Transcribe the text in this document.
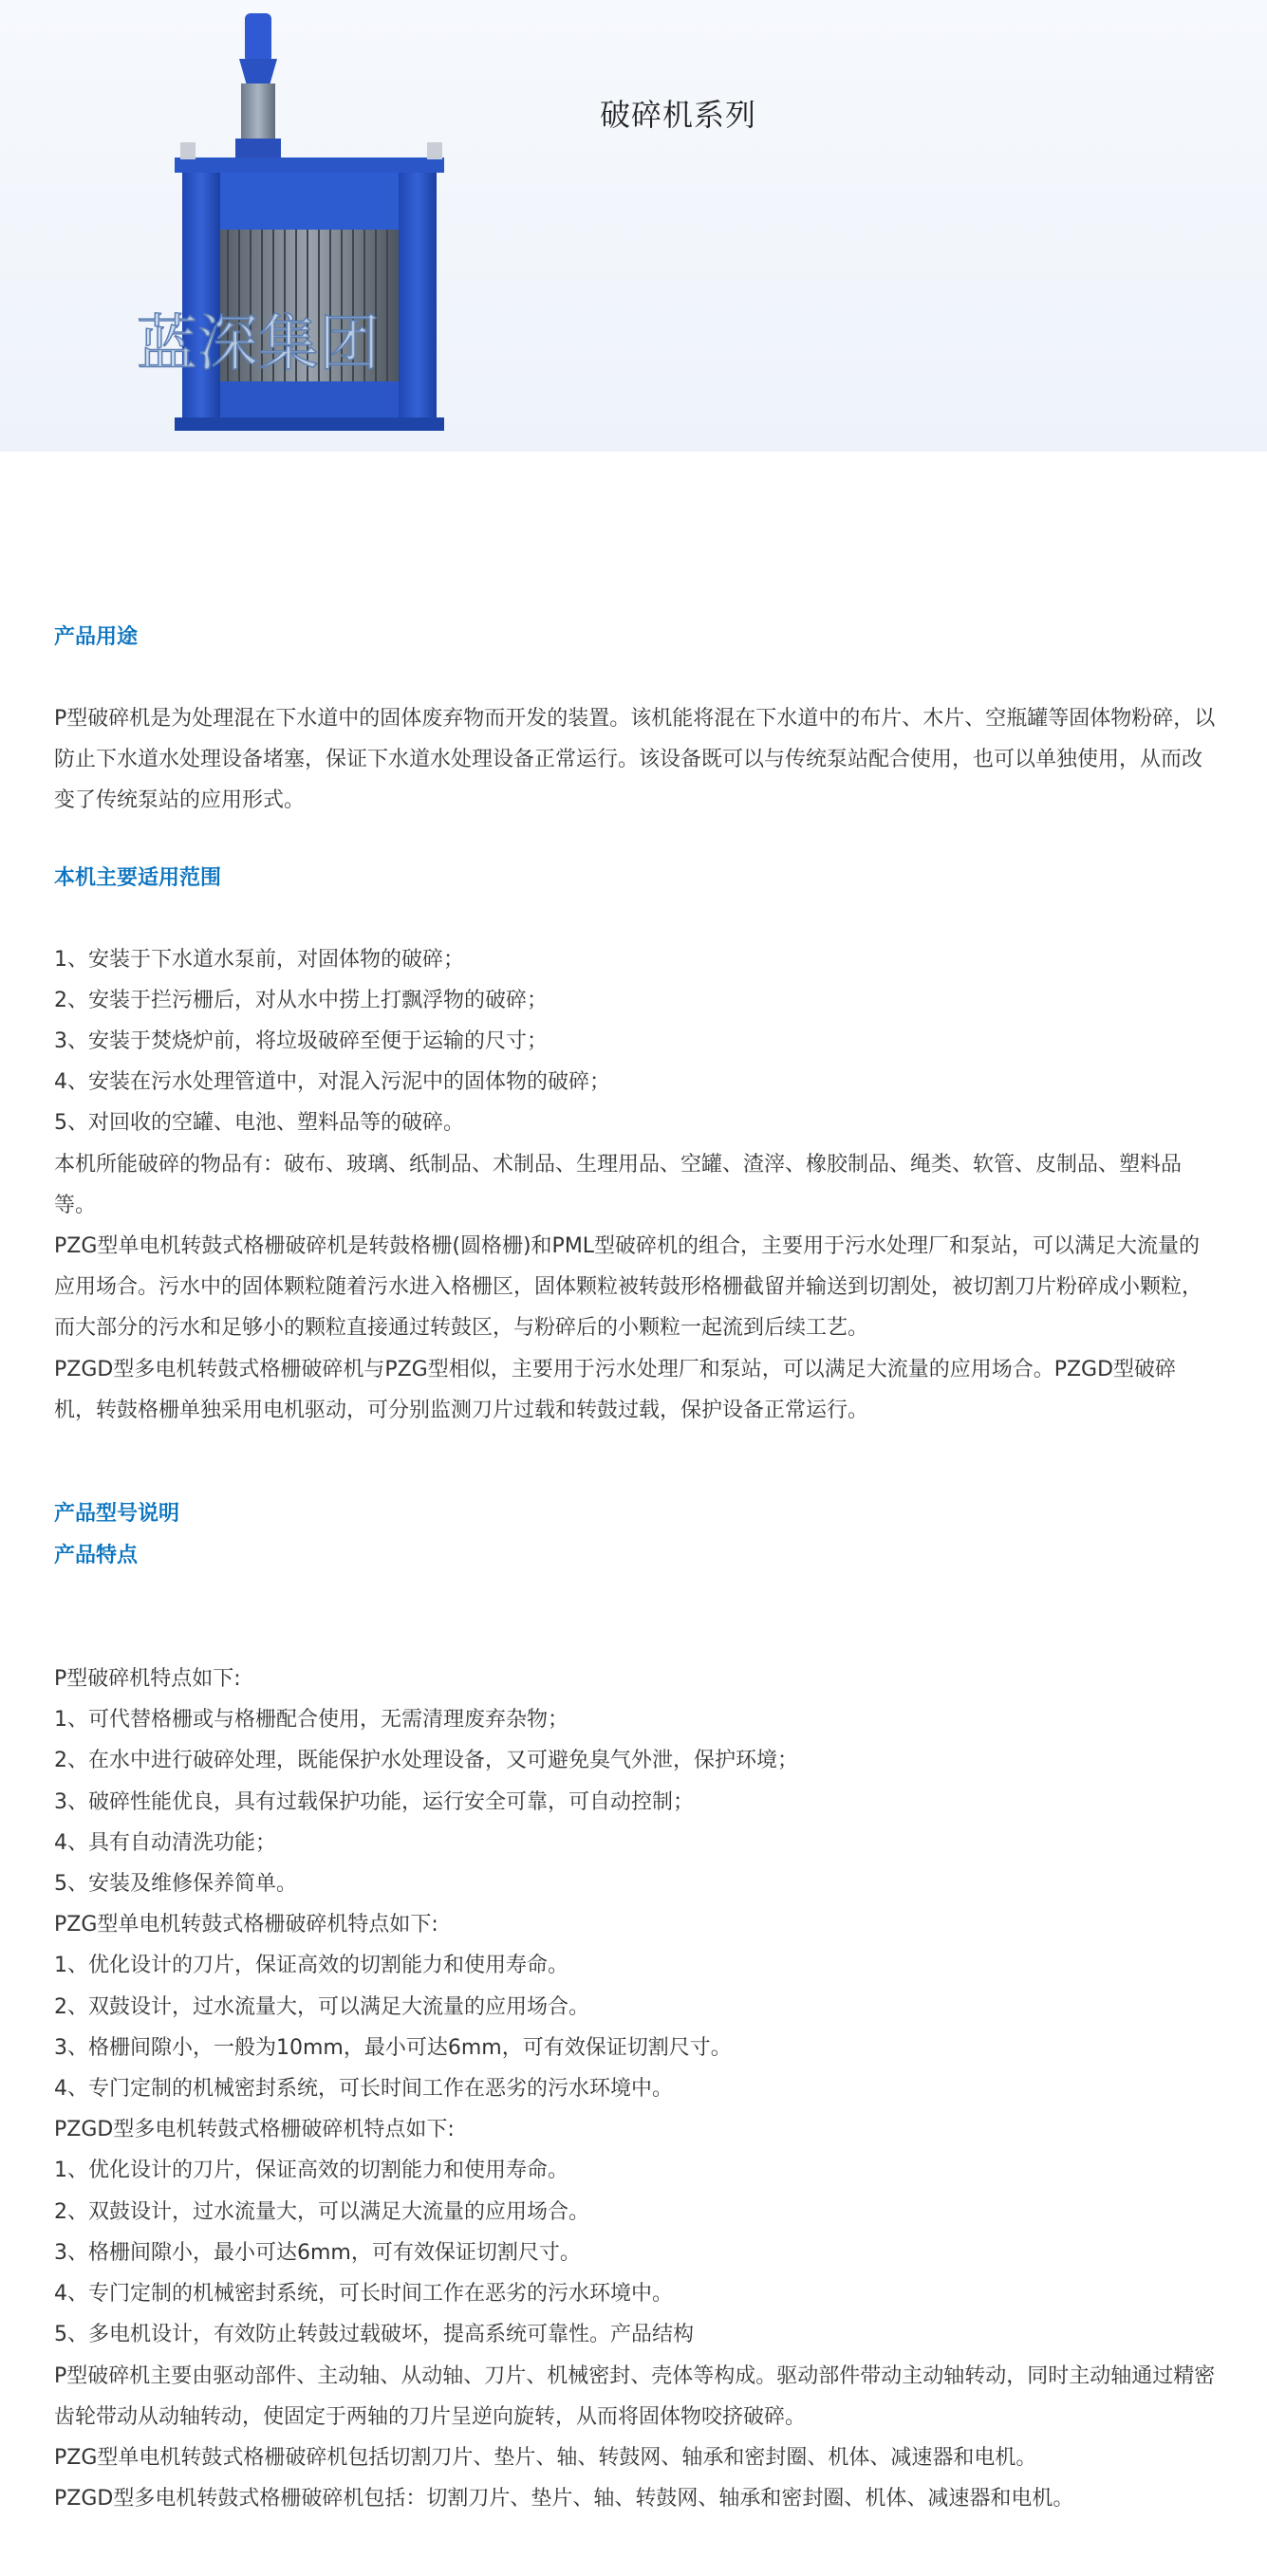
蓝深集团
破碎机系列
产品用途
P型破碎机是为处理混在下水道中的固体废弃物而开发的装置。该机能将混在下水道中的布片、木片、空瓶罐等固体物粉碎，以防止下水道水处理设备堵塞，保证下水道水处理设备正常运行。该设备既可以与传统泵站配合使用，也可以单独使用，从而改变了传统泵站的应用形式。
本机主要适用范围
1、安装于下水道水泵前，对固体物的破碎；
2、安装于拦污栅后，对从水中捞上打飘浮物的破碎；
3、安装于焚烧炉前，将垃圾破碎至便于运输的尺寸；
4、安装在污水处理管道中，对混入污泥中的固体物的破碎；
5、对回收的空罐、电池、塑料品等的破碎。
本机所能破碎的物品有：破布、玻璃、纸制品、术制品、生理用品、空罐、渣滓、橡胶制品、绳类、软管、皮制品、塑料品等。
PZG型单电机转鼓式格栅破碎机是转鼓格栅(圆格栅)和PML型破碎机的组合，主要用于污水处理厂和泵站，可以满足大流量的应用场合。污水中的固体颗粒随着污水进入格栅区，固体颗粒被转鼓形格栅截留并输送到切割处，被切割刀片粉碎成小颗粒，而大部分的污水和足够小的颗粒直接通过转鼓区，与粉碎后的小颗粒一起流到后续工艺。
PZGD型多电机转鼓式格栅破碎机与PZG型相似，主要用于污水处理厂和泵站，可以满足大流量的应用场合。PZGD型破碎机，转鼓格栅单独采用电机驱动，可分别监测刀片过载和转鼓过载，保护设备正常运行。
产品型号说明
产品特点
P型破碎机特点如下:
1、可代替格栅或与格栅配合使用，无需清理废弃杂物；
2、在水中进行破碎处理，既能保护水处理设备，又可避免臭气外泄，保护环境；
3、破碎性能优良，具有过载保护功能，运行安全可靠，可自动控制；
4、具有自动清洗功能；
5、安装及维修保养简单。
PZG型单电机转鼓式格栅破碎机特点如下:
1、优化设计的刀片，保证高效的切割能力和使用寿命。
2、双鼓设计，过水流量大，可以满足大流量的应用场合。
3、格栅间隙小，一般为10mm，最小可达6mm，可有效保证切割尺寸。
4、专门定制的机械密封系统，可长时间工作在恶劣的污水环境中。
PZGD型多电机转鼓式格栅破碎机特点如下:
1、优化设计的刀片，保证高效的切割能力和使用寿命。
2、双鼓设计，过水流量大，可以满足大流量的应用场合。
3、格栅间隙小，最小可达6mm，可有效保证切割尺寸。
4、专门定制的机械密封系统，可长时间工作在恶劣的污水环境中。
5、多电机设计，有效防止转鼓过载破坏，提高系统可靠性。产品结构
P型破碎机主要由驱动部件、主动轴、从动轴、刀片、机械密封、壳体等构成。驱动部件带动主动轴转动，同时主动轴通过精密齿轮带动从动轴转动，使固定于两轴的刀片呈逆向旋转，从而将固体物咬挤破碎。
PZG型单电机转鼓式格栅破碎机包括切割刀片、垫片、轴、转鼓网、轴承和密封圈、机体、减速器和电机。
PZGD型多电机转鼓式格栅破碎机包括：切割刀片、垫片、轴、转鼓网、轴承和密封圈、机体、减速器和电机。
